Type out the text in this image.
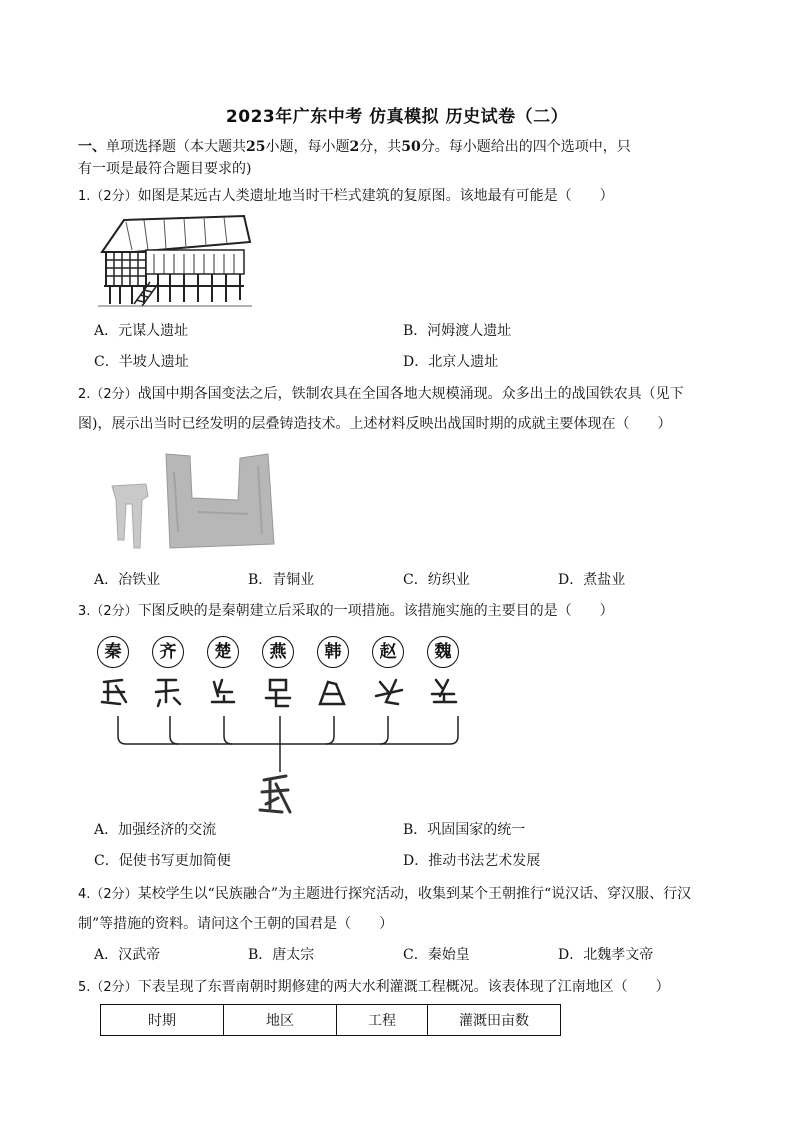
2023年广东中考 仿真模拟 历史试卷（二）
一、单项选择题（本大题共25小题，每小题2分，共50分。每小题给出的四个选项中，只
有一项是最符合题目要求的)
1.（2分）如图是某远古人类遗址地当时干栏式建筑的复原图。该地最有可能是（　　）
A．元谋人遗址	B．河姆渡人遗址
C．半坡人遗址	D．北京人遗址
2.（2分）战国中期各国变法之后，铁制农具在全国各地大规模涌现。众多出土的战国铁农具（见下
图)，展示出当时已经发明的层叠铸造技术。上述材料反映出战国时期的成就主要体现在（　　）
A．冶铁业	B．青铜业	C．纺织业	D．煮盐业
3.（2分）下图反映的是秦朝建立后采取的一项措施。该措施实施的主要目的是（　　）
秦	齐	楚	燕	韩	赵	魏
A．加强经济的交流	B．巩固国家的统一
C．促使书写更加简便	D．推动书法艺术发展
4.（2分）某校学生以“民族融合”为主题进行探究活动，收集到某个王朝推行“说汉话、穿汉服、行汉
制”等措施的资料。请问这个王朝的国君是（　　）
A．汉武帝	B．唐太宗	C．秦始皇	D．北魏孝文帝
5.（2分）下表呈现了东晋南朝时期修建的两大水利灌溉工程概况。该表体现了江南地区（　　）
时期	地区	工程	灌溉田亩数
